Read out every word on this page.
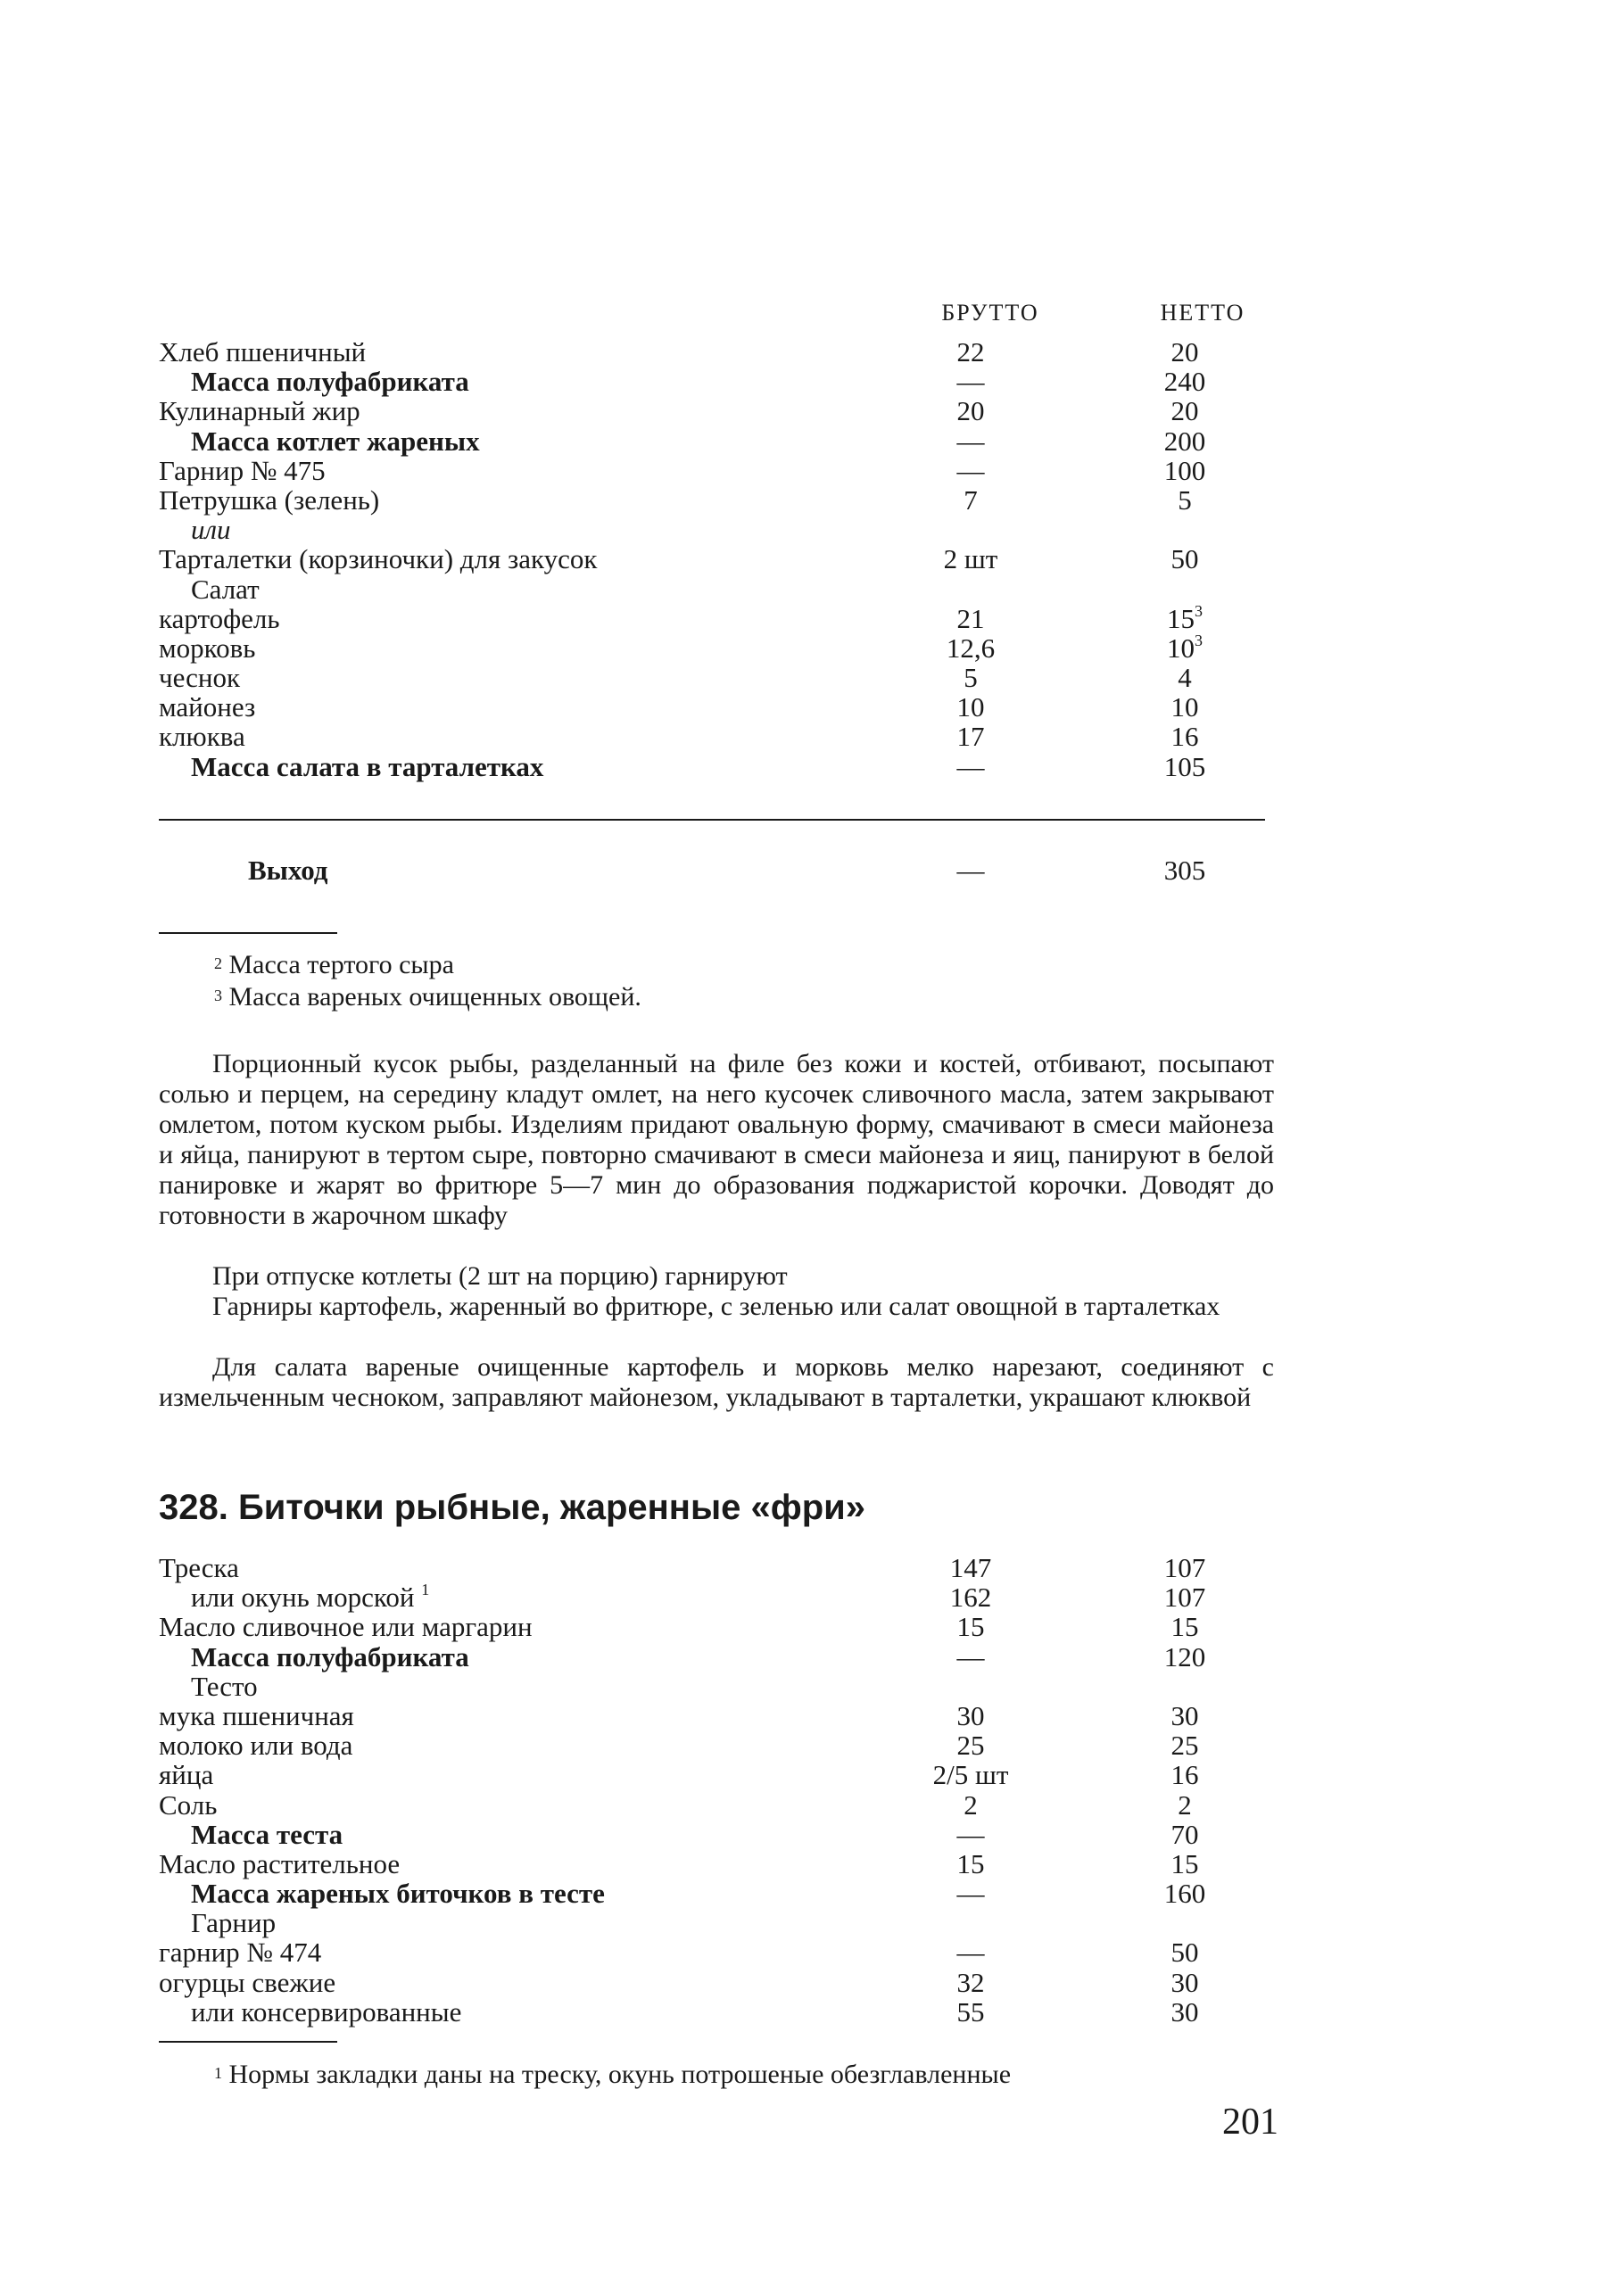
БРУТТО	НЕТТО
Хлеб пшеничный	22	20
Масса полуфабриката	—	240
Кулинарный жир	20	20
Масса котлет жареных	—	200
Гарнир № 475	—	100
Петрушка (зелень)	7	5
или
Тарталетки (корзиночки) для закусок	2 шт	50
Салат
картофель	21	$15^3$
морковь	12,6	$10^3$
чеснок	5	4
майонез	10	10
клюква	17	16
Масса салата в тарталетках	—	105
Выход	—	305
$^2$ Масса тертого сыра
$^3$ Масса вареных очищенных овощей.

Порционный кусок рыбы, разделанный на филе без кожи и костей, отбивают, посыпают солью и перцем, на середину кладут омлет, на него кусочек сливочного масла, затем закрывают омлетом, потом куском рыбы. Изделиям придают овальную форму, смачивают в смеси майонеза и яйца, панируют в тертом сыре, повторно смачивают в смеси майонеза и яиц, панируют в белой панировке и жарят во фритюре 5—7 мин до образования поджаристой корочки. Доводят до готовности в жарочном шкафу

При отпуске котлеты (2 шт на порцию) гарнируют

Гарниры картофель, жаренный во фритюре, с зеленью или салат овощной в тарталетках

Для салата вареные очищенные картофель и морковь мелко нарезают, соединяют с измельченным чесноком, заправляют майонезом, укладывают в тарталетки, украшают клюквой

328. Биточки рыбные, жаренные «фри»
Треска	147	107
или окунь морской $^1$	162	107
Масло сливочное или маргарин	15	15
Масса полуфабриката	—	120
Тесто
мука пшеничная	30	30
молоко или вода	25	25
яйца	2/5 шт	16
Соль	2	2
Масса теста	—	70
Масло растительное	15	15
Масса жареных биточков в тесте	—	160
Гарнир
гарнир № 474	—	50
огурцы свежие	32	30
или консервированные	55	30
$^1$ Нормы закладки даны на треску, окунь потрошеные обезглавленные
201
